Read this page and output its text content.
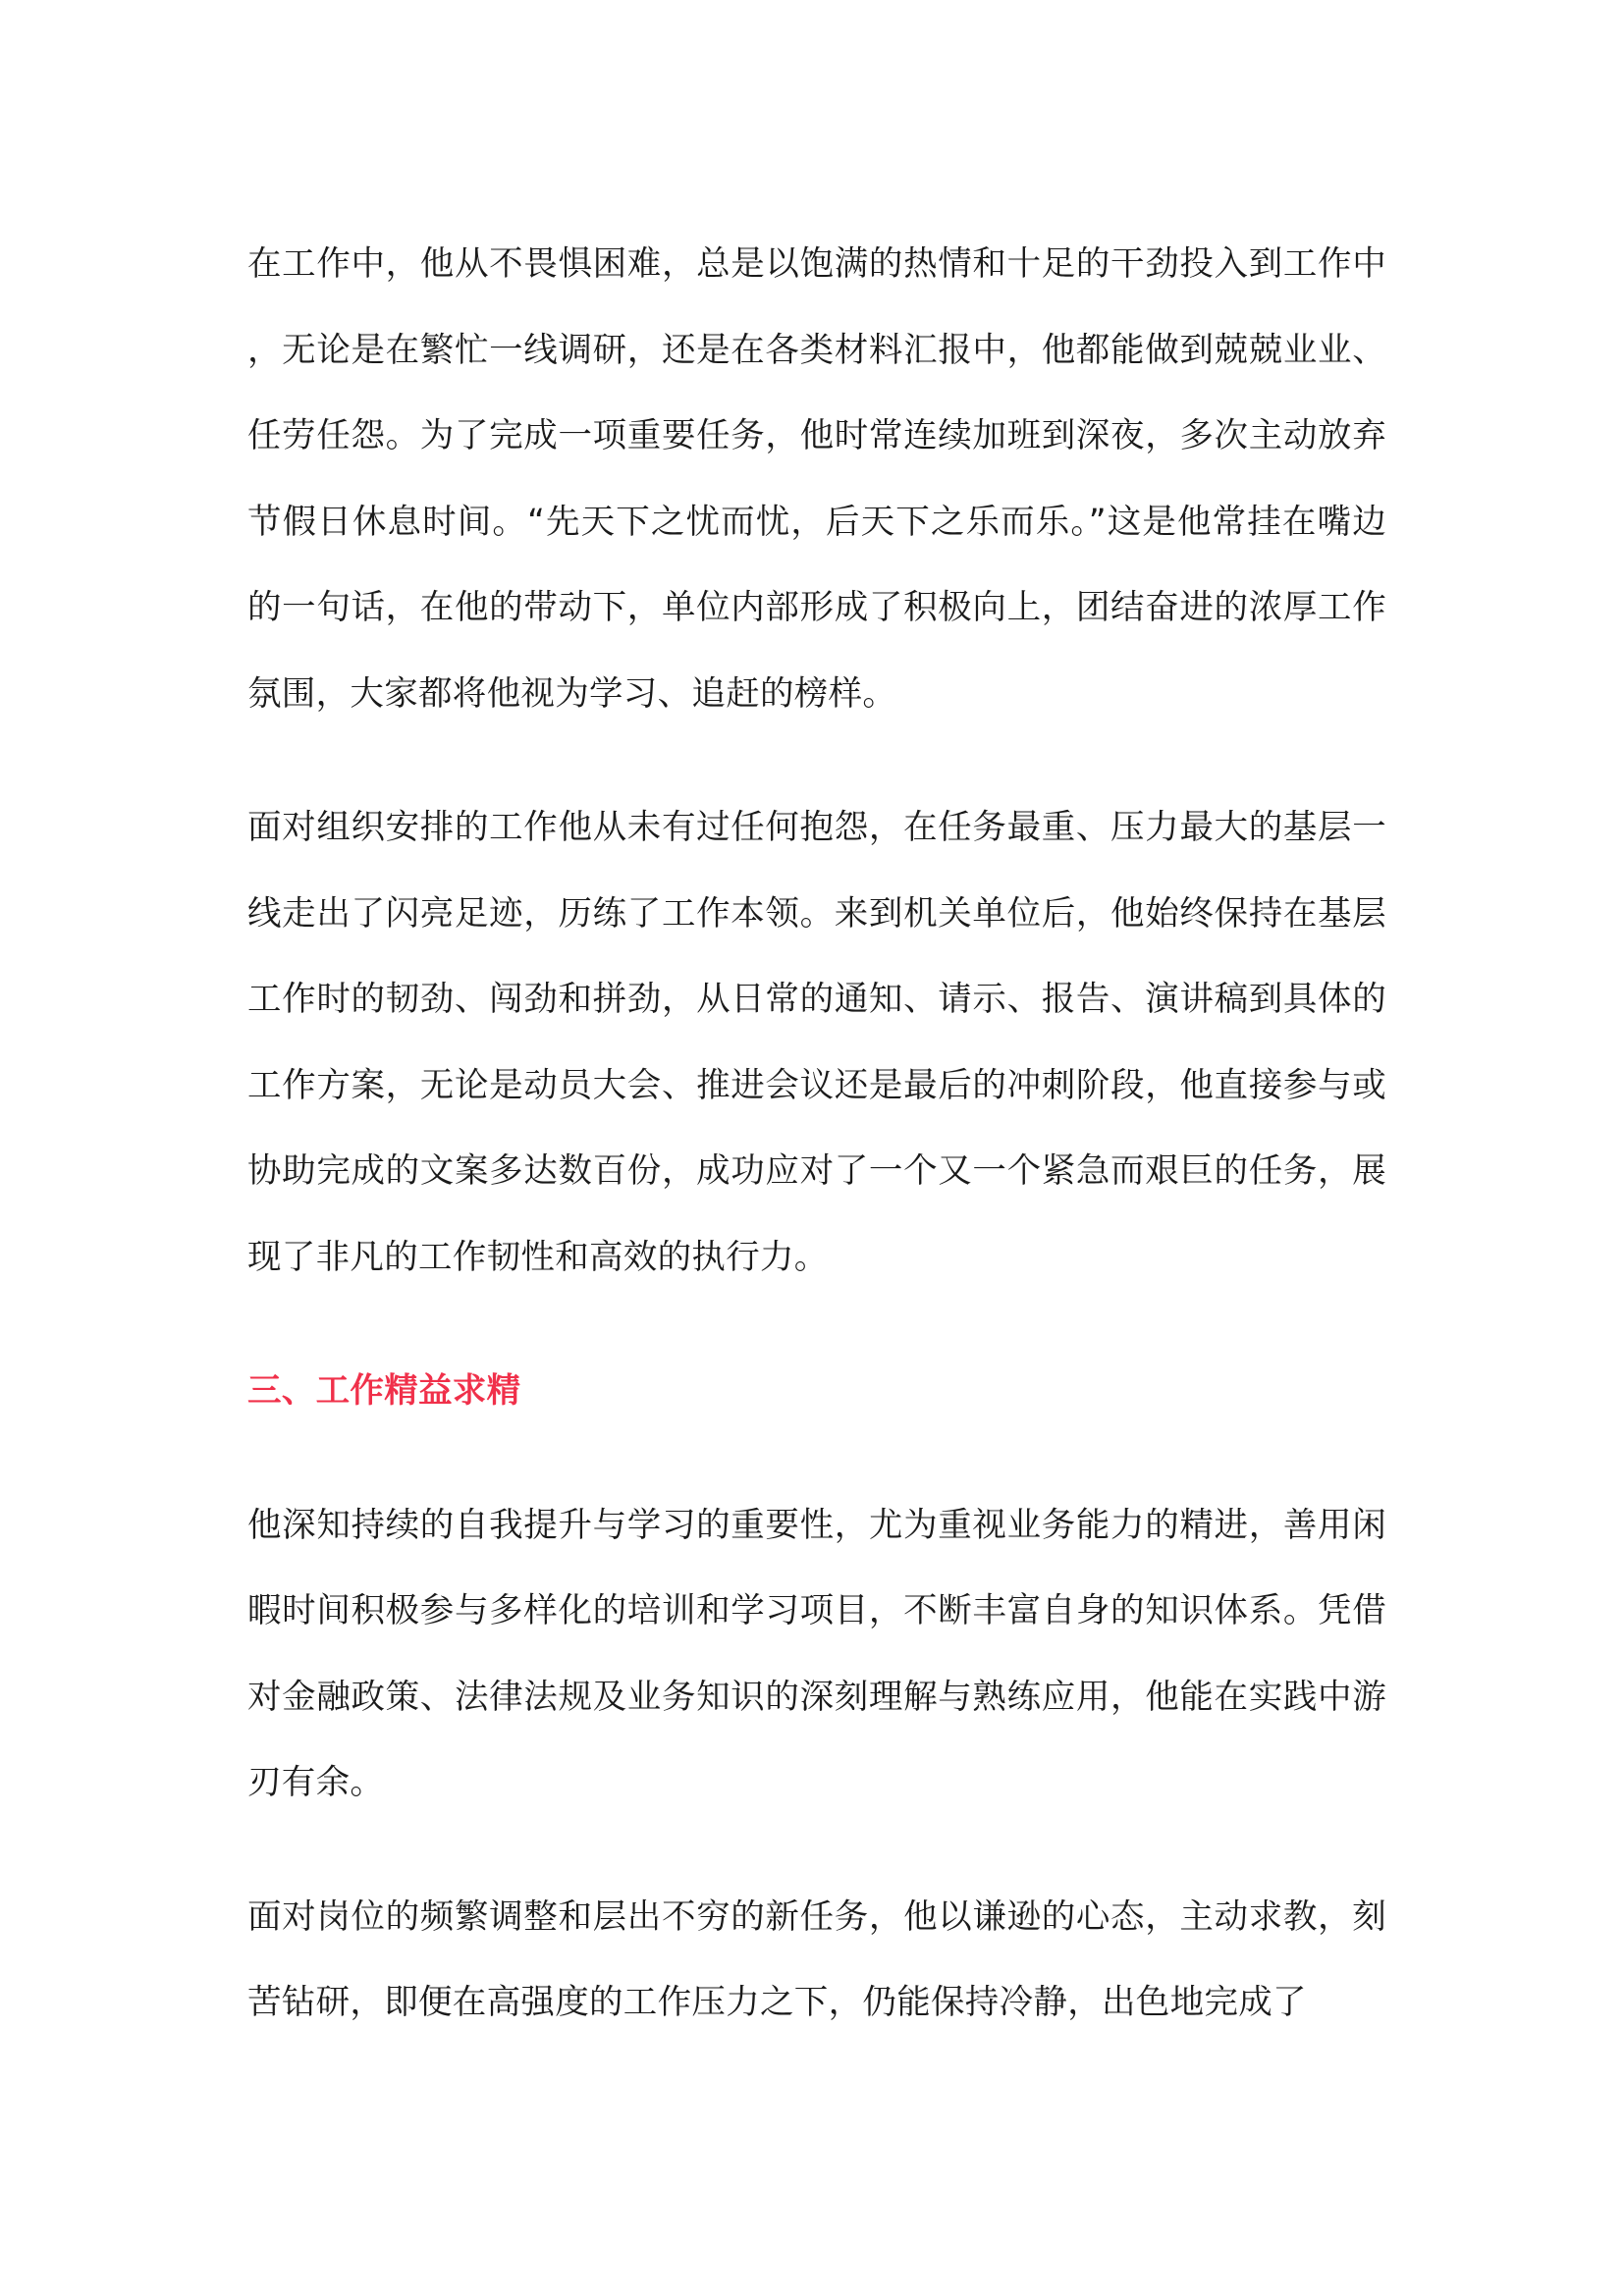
在工作中，他从不畏惧困难，总是以饱满的热情和十足的干劲投入到工作中，无论是在繁忙一线调研，还是在各类材料汇报中，他都能做到兢兢业业、任劳任怨。为了完成一项重要任务，他时常连续加班到深夜，多次主动放弃节假日休息时间。“先天下之忧而忧，后天下之乐而乐。”这是他常挂在嘴边的一句话，在他的带动下，单位内部形成了积极向上，团结奋进的浓厚工作氛围，大家都将他视为学习、追赶的榜样。

面对组织安排的工作他从未有过任何抱怨，在任务最重、压力最大的基层一线走出了闪亮足迹，历练了工作本领。来到机关单位后，他始终保持在基层工作时的韧劲、闯劲和拼劲，从日常的通知、请示、报告、演讲稿到具体的工作方案，无论是动员大会、推进会议还是最后的冲刺阶段，他直接参与或协助完成的文案多达数百份，成功应对了一个又一个紧急而艰巨的任务，展现了非凡的工作韧性和高效的执行力。

三、工作精益求精

他深知持续的自我提升与学习的重要性，尤为重视业务能力的精进，善用闲暇时间积极参与多样化的培训和学习项目，不断丰富自身的知识体系。凭借对金融政策、法律法规及业务知识的深刻理解与熟练应用，他能在实践中游刃有余。

面对岗位的频繁调整和层出不穷的新任务，他以谦逊的心态，主动求教，刻苦钻研，即便在高强度的工作压力之下，仍能保持冷静，出色地完成了
